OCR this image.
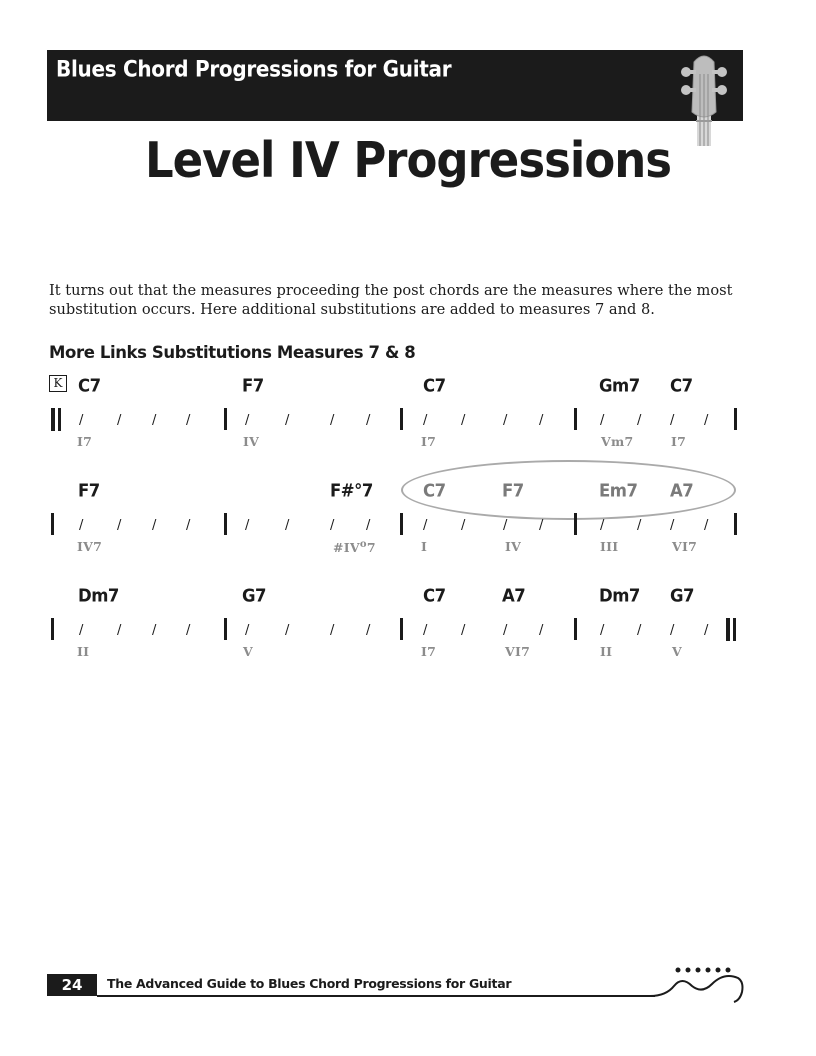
Blues Chord Progressions for Guitar
Level IV Progressions
It turns out that the measures proceeding the post chords are the measures where the most substitution occurs. Here additional substitutions are added to measures 7 and 8.
More Links Substitutions Measures 7 & 8
K C7	F7	C7	Gm7 C7
/	/ / /	/	/	/ /	/	/	/ /	/	/ / /
I7	IV	I7	Vm7	I7
F7	F#°7	C7	F7	Em7 A7
/	/ / /	/	/	/ /	/	/	/ /	/	/ / /
IV7	$\#IV^o7$	I	IV	III	VI7
Dm7	G7	C7	A7	Dm7 G7
/	/ / /	/	/	/ /	/	/	/ /	/	/ / /
II	V	I7	VI7	II	V
24	The Advanced Guide to Blues Chord Progressions for Guitar
